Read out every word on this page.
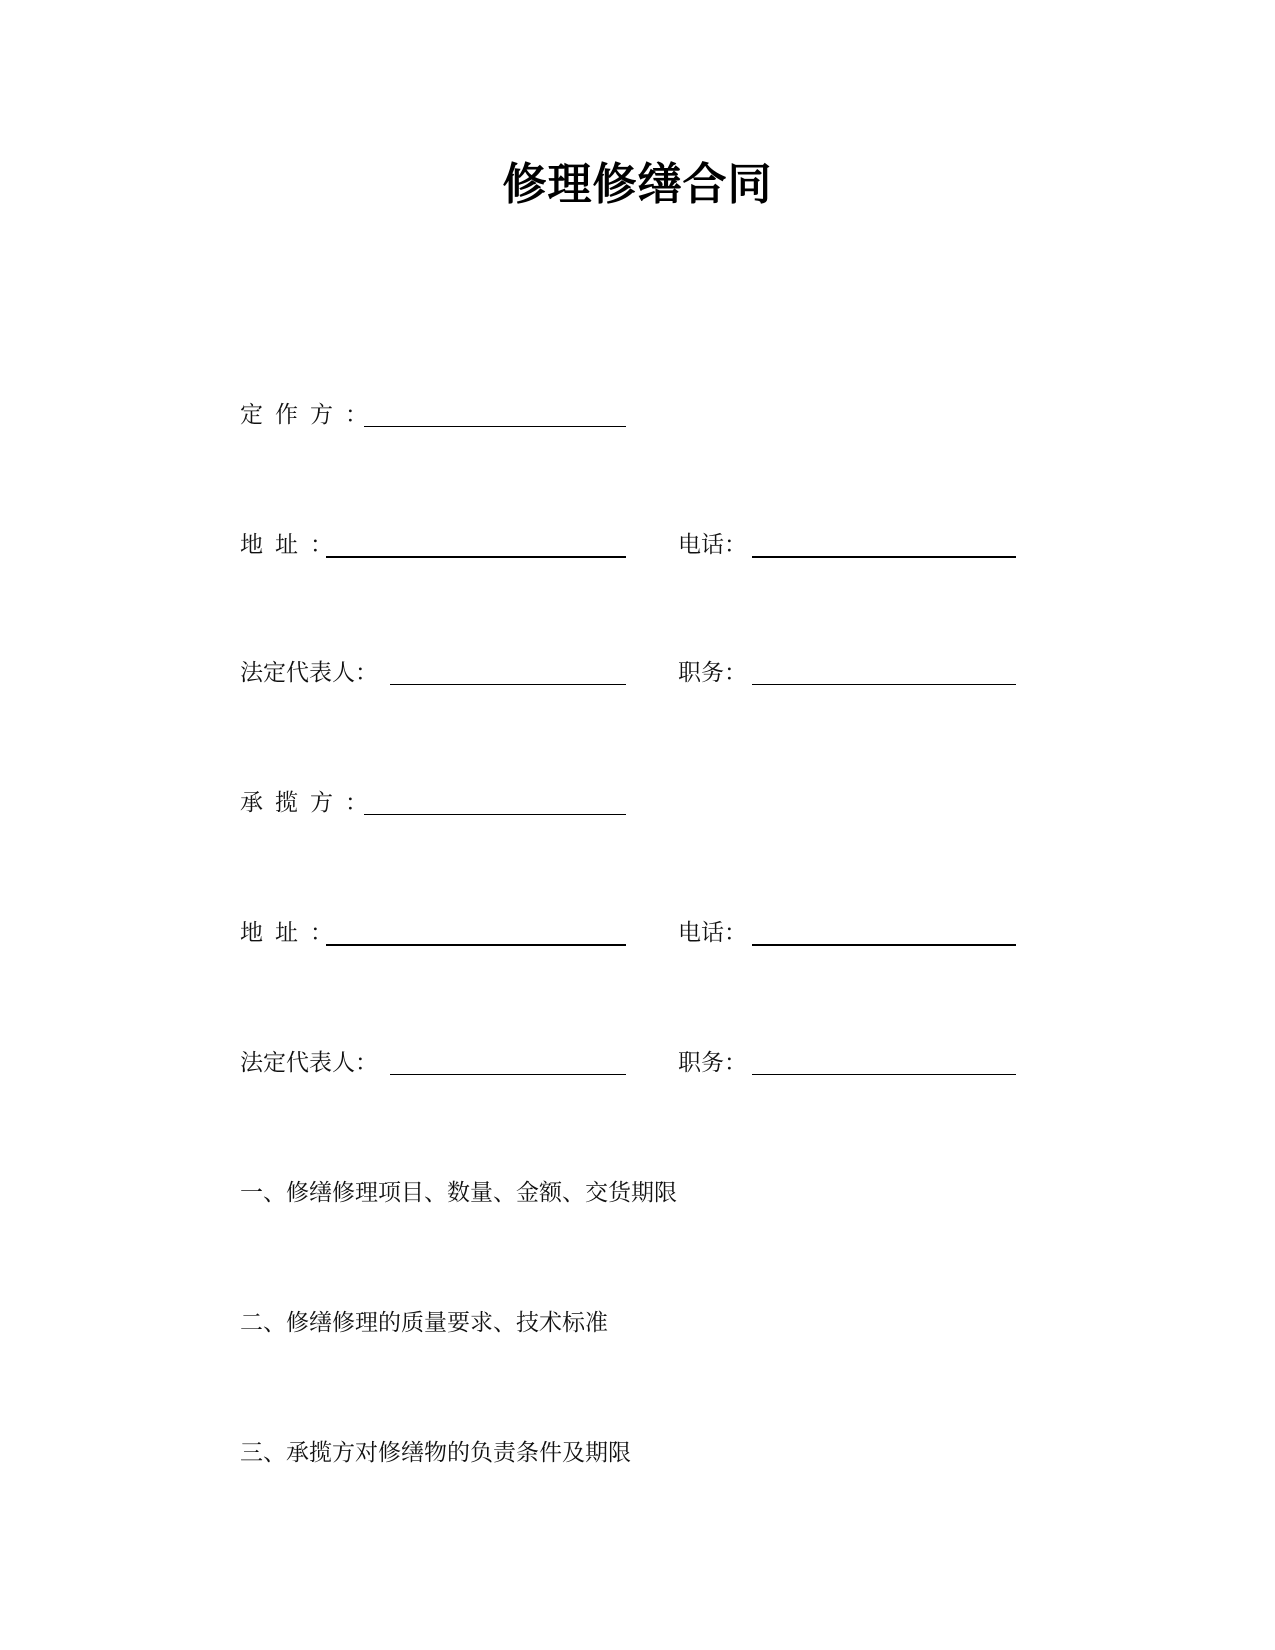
修理修缮合同
定作方：
地址：	电话：
法定代表人：	职务：
承揽方：
地址：	电话：
法定代表人：	职务：
一、修缮修理项目、数量、金额、交货期限
二、修缮修理的质量要求、技术标准
三、承揽方对修缮物的负责条件及期限
